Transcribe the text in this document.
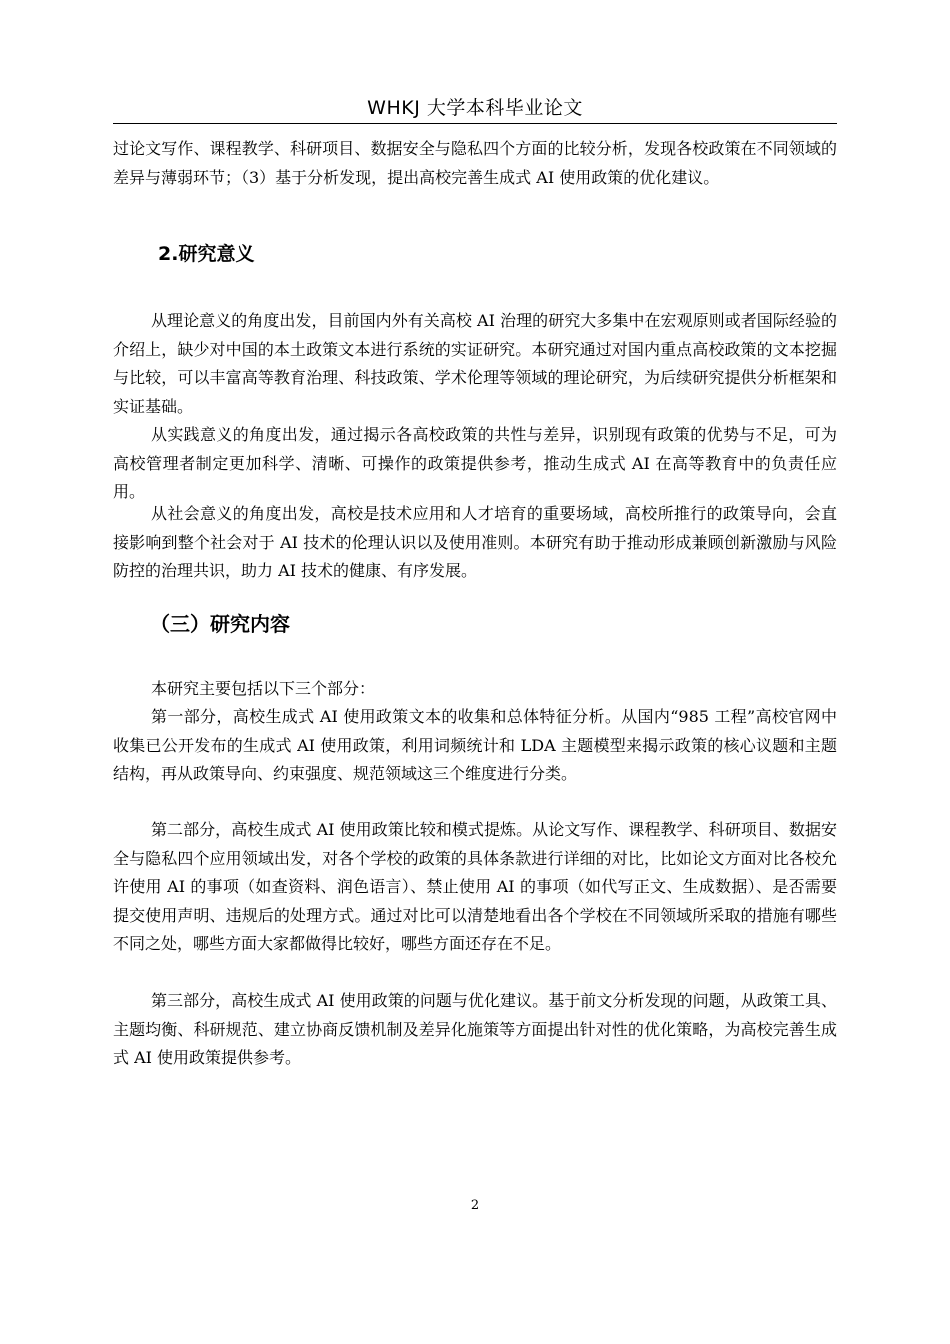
WHKJ 大学本科毕业论文

过论文写作、课程教学、科研项目、数据安全与隐私四个方面的比较分析，发现各校政策在不同领域的差异与薄弱环节；（3）基于分析发现，提出高校完善生成式 AI 使用政策的优化建议。

2.研究意义

从理论意义的角度出发，目前国内外有关高校 AI 治理的研究大多集中在宏观原则或者国际经验的介绍上，缺少对中国的本土政策文本进行系统的实证研究。本研究通过对国内重点高校政策的文本挖掘与比较，可以丰富高等教育治理、科技政策、学术伦理等领域的理论研究，为后续研究提供分析框架和实证基础。

从实践意义的角度出发，通过揭示各高校政策的共性与差异，识别现有政策的优势与不足，可为高校管理者制定更加科学、清晰、可操作的政策提供参考，推动生成式 AI 在高等教育中的负责任应用。

从社会意义的角度出发，高校是技术应用和人才培育的重要场域，高校所推行的政策导向，会直接影响到整个社会对于 AI 技术的伦理认识以及使用准则。本研究有助于推动形成兼顾创新激励与风险防控的治理共识，助力 AI 技术的健康、有序发展。

（三）研究内容

本研究主要包括以下三个部分：

第一部分，高校生成式 AI 使用政策文本的收集和总体特征分析。从国内“985 工程”高校官网中收集已公开发布的生成式 AI 使用政策，利用词频统计和 LDA 主题模型来揭示政策的核心议题和主题结构，再从政策导向、约束强度、规范领域这三个维度进行分类。

第二部分，高校生成式 AI 使用政策比较和模式提炼。从论文写作、课程教学、科研项目、数据安全与隐私四个应用领域出发，对各个学校的政策的具体条款进行详细的对比，比如论文方面对比各校允许使用 AI 的事项（如查资料、润色语言）、禁止使用 AI 的事项（如代写正文、生成数据）、是否需要提交使用声明、违规后的处理方式。通过对比可以清楚地看出各个学校在不同领域所采取的措施有哪些不同之处，哪些方面大家都做得比较好，哪些方面还存在不足。

第三部分，高校生成式 AI 使用政策的问题与优化建议。基于前文分析发现的问题，从政策工具、主题均衡、科研规范、建立协商反馈机制及差异化施策等方面提出针对性的优化策略，为高校完善生成式 AI 使用政策提供参考。

2
